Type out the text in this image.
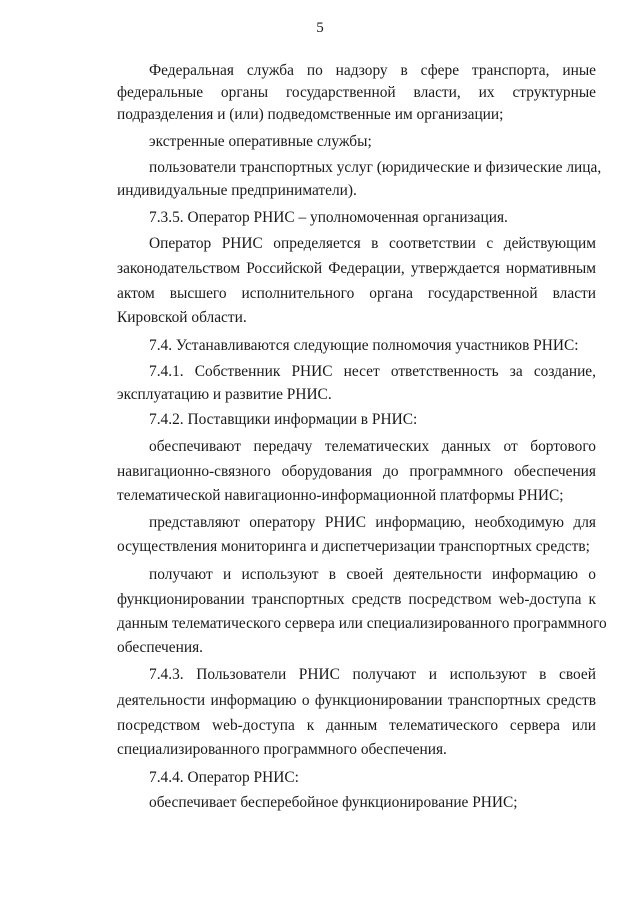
5
Федеральная служба по надзору в сфере транспорта, иные
федеральные органы государственной власти, их структурные
подразделения и (или) подведомственные им организации;
экстренные оперативные службы;
пользователи транспортных услуг (юридические и физические лица,
индивидуальные предприниматели).
7.3.5. Оператор РНИС – уполномоченная организация.
Оператор РНИС определяется в соответствии с действующим
законодательством Российской Федерации, утверждается нормативным
актом высшего исполнительного органа государственной власти
Кировской области.
7.4. Устанавливаются следующие полномочия участников РНИС:
7.4.1. Собственник РНИС несет ответственность за создание,
эксплуатацию и развитие РНИС.
7.4.2. Поставщики информации в РНИС:
обеспечивают передачу телематических данных от бортового
навигационно-связного оборудования до программного обеспечения
телематической навигационно-информационной платформы РНИС;
представляют оператору РНИС информацию, необходимую для
осуществления мониторинга и диспетчеризации транспортных средств;
получают и используют в своей деятельности информацию о
функционировании транспортных средств посредством web-доступа к
данным телематического сервера или специализированного программного
обеспечения.
7.4.3. Пользователи РНИС получают и используют в своей
деятельности информацию о функционировании транспортных средств
посредством web-доступа к данным телематического сервера или
специализированного программного обеспечения.
7.4.4. Оператор РНИС:
обеспечивает бесперебойное функционирование РНИС;
